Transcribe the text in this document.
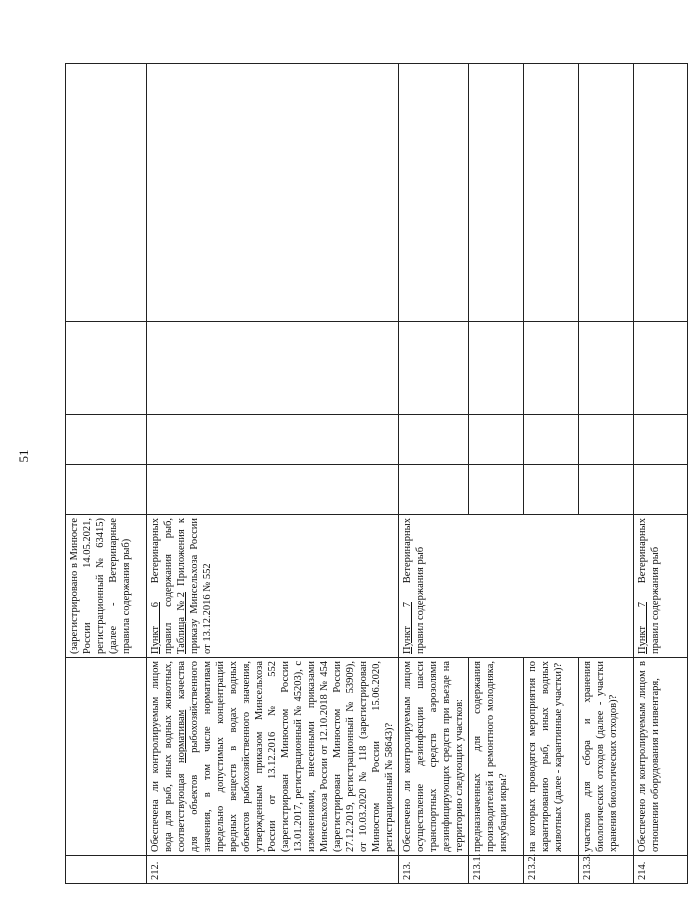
51
		(зарегистрировано в Минюсте России 14.05.2021, регистрационный № 63415) (далее - Ветеринарные правила содержания рыб)				
212.	Обеспечена ли контролируемым лицом вода для рыб, иных водных животных, соответствующая нормативам качества для объектов рыбохозяйственного значения, в том числе нормативам предельно допустимых концентраций вредных веществ в водах водных объектов рыбохозяйственного значения, утвержденным приказом Минсельхоза России от 13.12.2016 № 552 (зарегистрирован Минюстом России 13.01.2017, регистрационный № 45203), с изменениями, внесенными приказами Минсельхоза России от 12.10.2018 № 454 (зарегистрирован Минюстом России 27.12.2019, регистрационный № 53909), от 10.03.2020 № 118 (зарегистрирован Минюстом России 15.06.2020, регистрационный № 58643)?	Пункт 6 Ветеринарных правил содержания рыб, Таблица №2 Приложения к приказу Минсельхоза России от 13.12.2016 № 552				
213.	Обеспечено ли контролируемым лицом осуществление дезинфекции шасси транспортных средств аэрозолями дезинфицирующих средств при въезде на территорию следующих участков:	Пункт 7 Ветеринарных правил содержания рыб				
213.1.	предназначенных для содержания производителей и ремонтного молодняка, инкубации икры?					
213.2.	на которых проводятся мероприятия по карантированию рыб, иных водных животных (далее - карантинные участки)?					
213.3.	участков для сбора и хранения биологических отходов (далее - участки хранения биологических отходов)?					
214.	Обеспечено ли контролируемым лицом в отношении оборудования и инвентаря,	Пункт 7 Ветеринарных правил содержания рыб				
